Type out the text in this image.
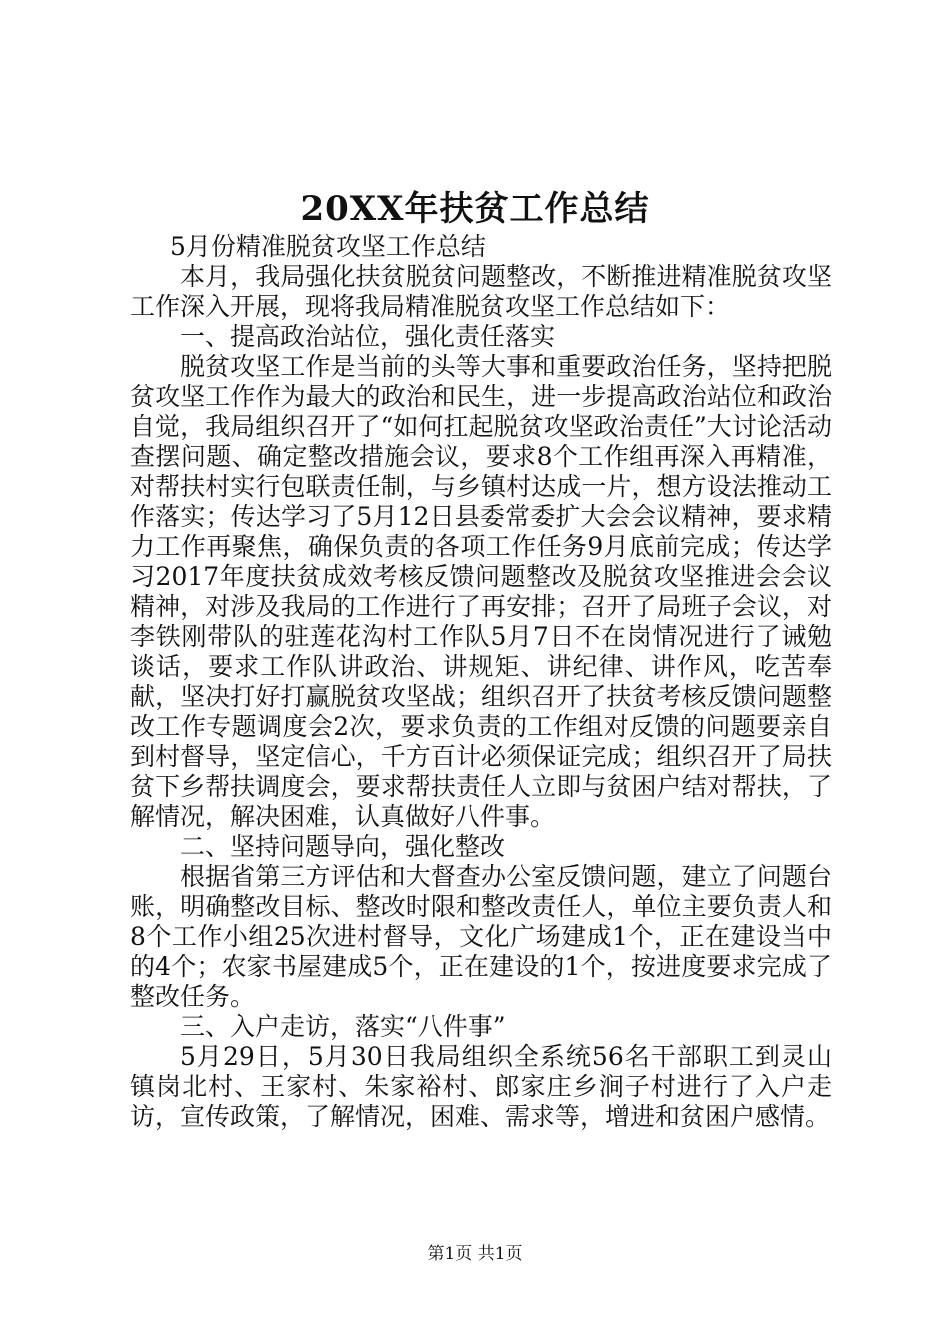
20XX年扶贫工作总结

5月份精准脱贫攻坚工作总结

本月，我局强化扶贫脱贫问题整改，不断推进精准脱贫攻坚工作深入开展，现将我局精准脱贫攻坚工作总结如下：

一、提高政治站位，强化责任落实

脱贫攻坚工作是当前的头等大事和重要政治任务，坚持把脱贫攻坚工作作为最大的政治和民生，进一步提高政治站位和政治自觉，我局组织召开了“如何扛起脱贫攻坚政治责任”大讨论活动查摆问题、确定整改措施会议，要求8个工作组再深入再精准，对帮扶村实行包联责任制，与乡镇村达成一片，想方设法推动工作落实；传达学习了5月12日县委常委扩大会会议精神，要求精力工作再聚焦，确保负责的各项工作任务9月底前完成；传达学习2017年度扶贫成效考核反馈问题整改及脱贫攻坚推进会会议精神，对涉及我局的工作进行了再安排；召开了局班子会议，对李铁刚带队的驻莲花沟村工作队5月7日不在岗情况进行了诫勉谈话，要求工作队讲政治、讲规矩、讲纪律、讲作风，吃苦奉献，坚决打好打赢脱贫攻坚战；组织召开了扶贫考核反馈问题整改工作专题调度会2次，要求负责的工作组对反馈的问题要亲自到村督导，坚定信心，千方百计必须保证完成；组织召开了局扶贫下乡帮扶调度会，要求帮扶责任人立即与贫困户结对帮扶，了解情况，解决困难，认真做好八件事。

二、坚持问题导向，强化整改

根据省第三方评估和大督查办公室反馈问题，建立了问题台账，明确整改目标、整改时限和整改责任人，单位主要负责人和8个工作小组25次进村督导，文化广场建成1个，正在建设当中的4个；农家书屋建成5个，正在建设的1个，按进度要求完成了整改任务。

三、入户走访，落实“八件事”

5月29日，5月30日我局组织全系统56名干部职工到灵山镇岗北村、王家村、朱家裕村、郎家庄乡涧子村进行了入户走访，宣传政策，了解情况，困难、需求等，增进和贫困户感情。

第1页 共1页
